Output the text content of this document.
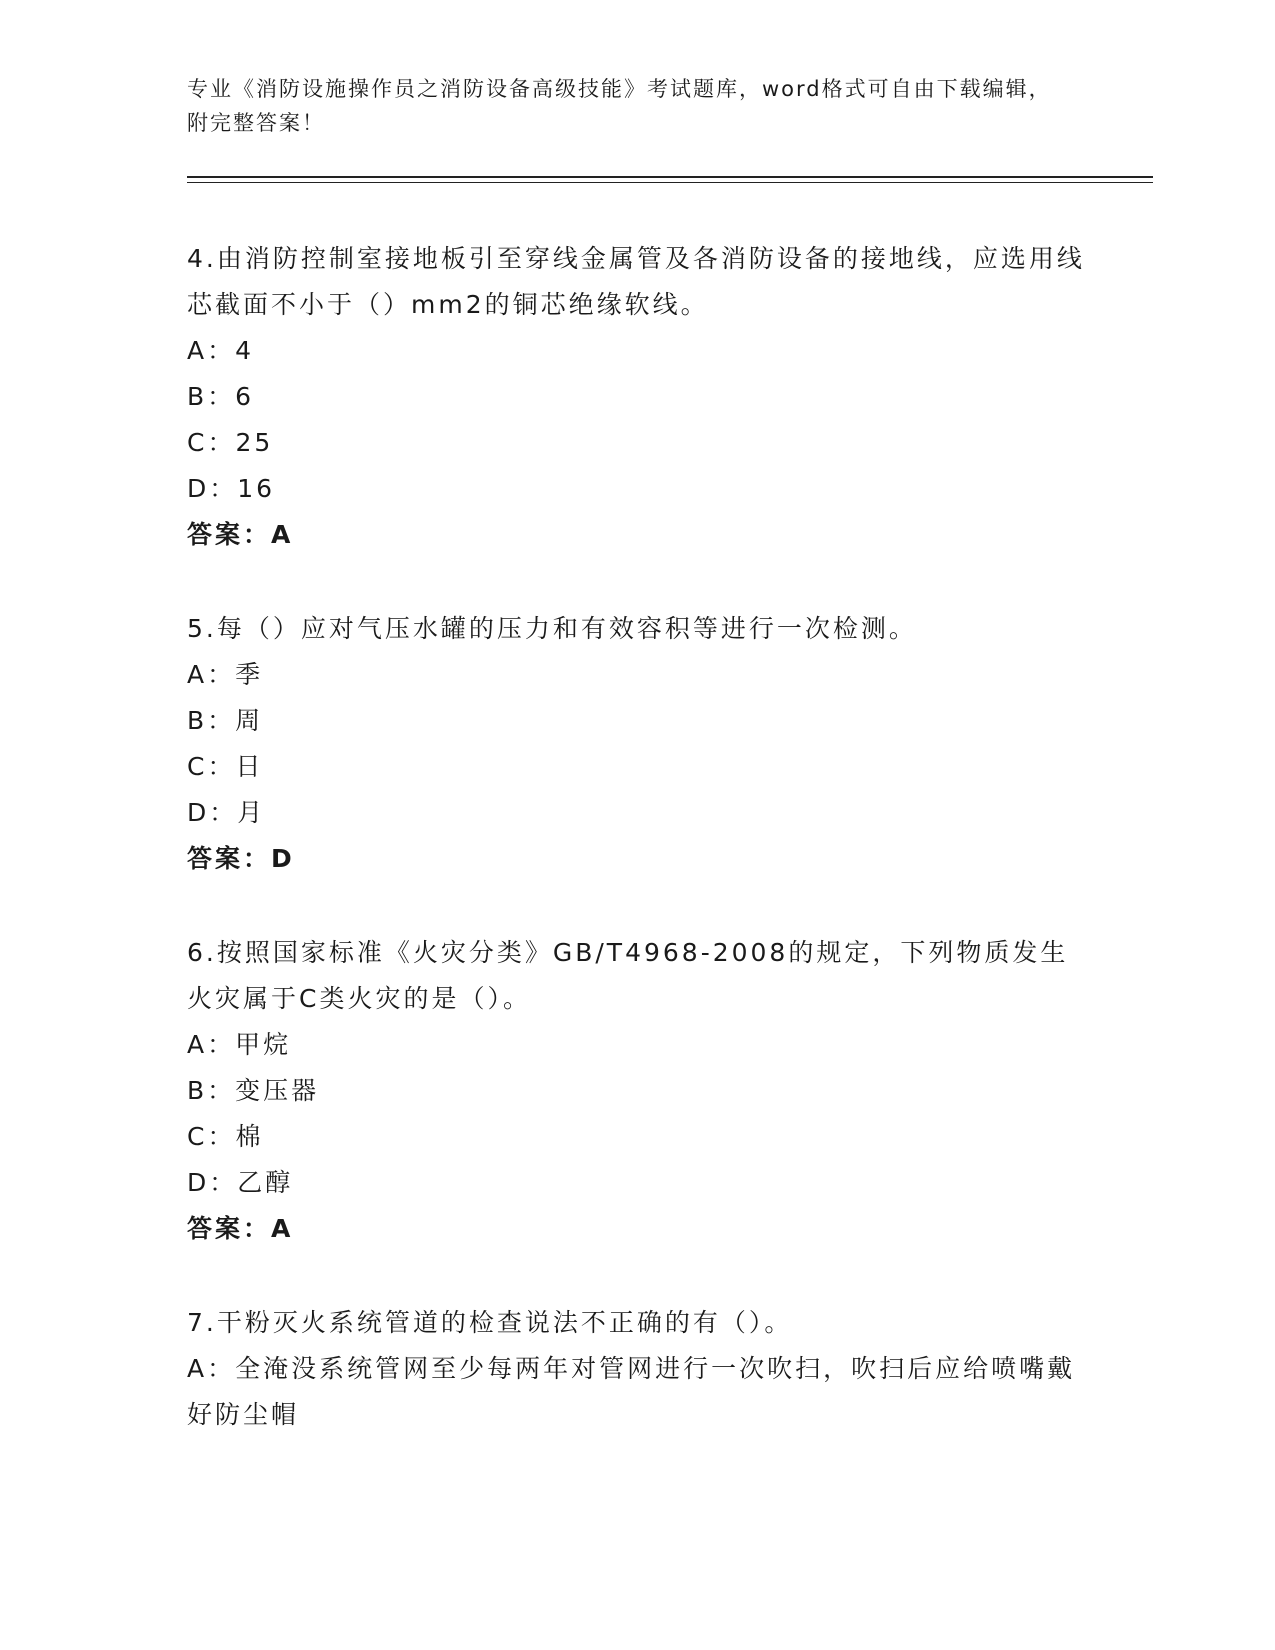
专业《消防设施操作员之消防设备高级技能》考试题库，word格式可自由下载编辑，附完整答案！
4.由消防控制室接地板引至穿线金属管及各消防设备的接地线，应选用线芯截面不小于（）mm2的铜芯绝缘软线。
A：4
B：6
C：25
D：16
答案：A
5.每（）应对气压水罐的压力和有效容积等进行一次检测。
A：季
B：周
C：日
D：月
答案：D
6.按照国家标准《火灾分类》GB/T4968-2008的规定，下列物质发生火灾属于C类火灾的是（）。
A：甲烷
B：变压器
C：棉
D：乙醇
答案：A
7.干粉灭火系统管道的检查说法不正确的有（）。
A：全淹没系统管网至少每两年对管网进行一次吹扫，吹扫后应给喷嘴戴好防尘帽
